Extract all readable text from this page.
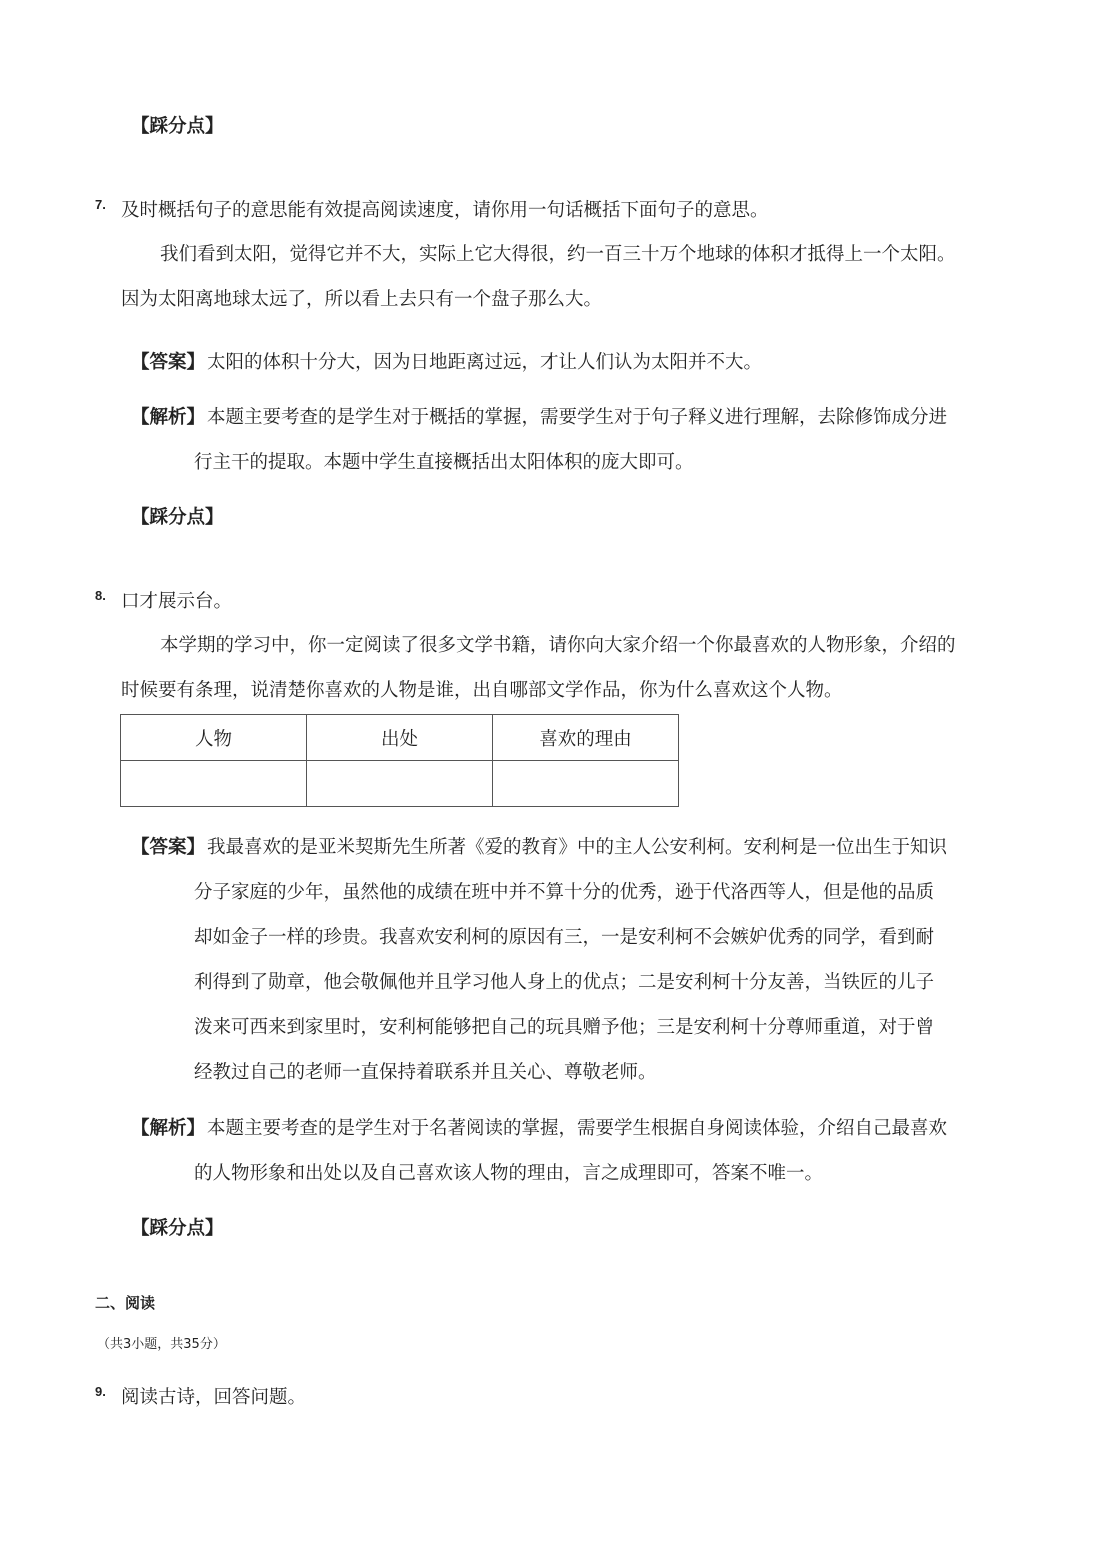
【踩分点】
7. 及时概括句子的意思能有效提高阅读速度，请你用一句话概括下面句子的意思。
我们看到太阳，觉得它并不大，实际上它大得很，约一百三十万个地球的体积才抵得上一个太阳。
因为太阳离地球太远了，所以看上去只有一个盘子那么大。
【答案】 太阳的体积十分大，因为日地距离过远，才让人们认为太阳并不大。
【解析】 本题主要考查的是学生对于概括的掌握，需要学生对于句子释义进行理解，去除修饰成分进
行主干的提取。本题中学生直接概括出太阳体积的庞大即可。
【踩分点】
8. 口才展示台。
本学期的学习中，你一定阅读了很多文学书籍，请你向大家介绍一个你最喜欢的人物形象，介绍的
时候要有条理，说清楚你喜欢的人物是谁，出自哪部文学作品，你为什么喜欢这个人物。
人物	出处	喜欢的理由

【答案】 我最喜欢的是亚米契斯先生所著《爱的教育》中的主人公安利柯。安利柯是一位出生于知识
分子家庭的少年，虽然他的成绩在班中并不算十分的优秀，逊于代洛西等人，但是他的品质
却如金子一样的珍贵。我喜欢安利柯的原因有三，一是安利柯不会嫉妒优秀的同学，看到耐
利得到了勋章，他会敬佩他并且学习他人身上的优点；二是安利柯十分友善，当铁匠的儿子
泼来可西来到家里时，安利柯能够把自己的玩具赠予他；三是安利柯十分尊师重道，对于曾
经教过自己的老师一直保持着联系并且关心、尊敬老师。
【解析】 本题主要考查的是学生对于名著阅读的掌握，需要学生根据自身阅读体验，介绍自己最喜欢
的人物形象和出处以及自己喜欢该人物的理由，言之成理即可，答案不唯一。
【踩分点】
二、阅读
（共3小题，共35分）
9. 阅读古诗，回答问题。
